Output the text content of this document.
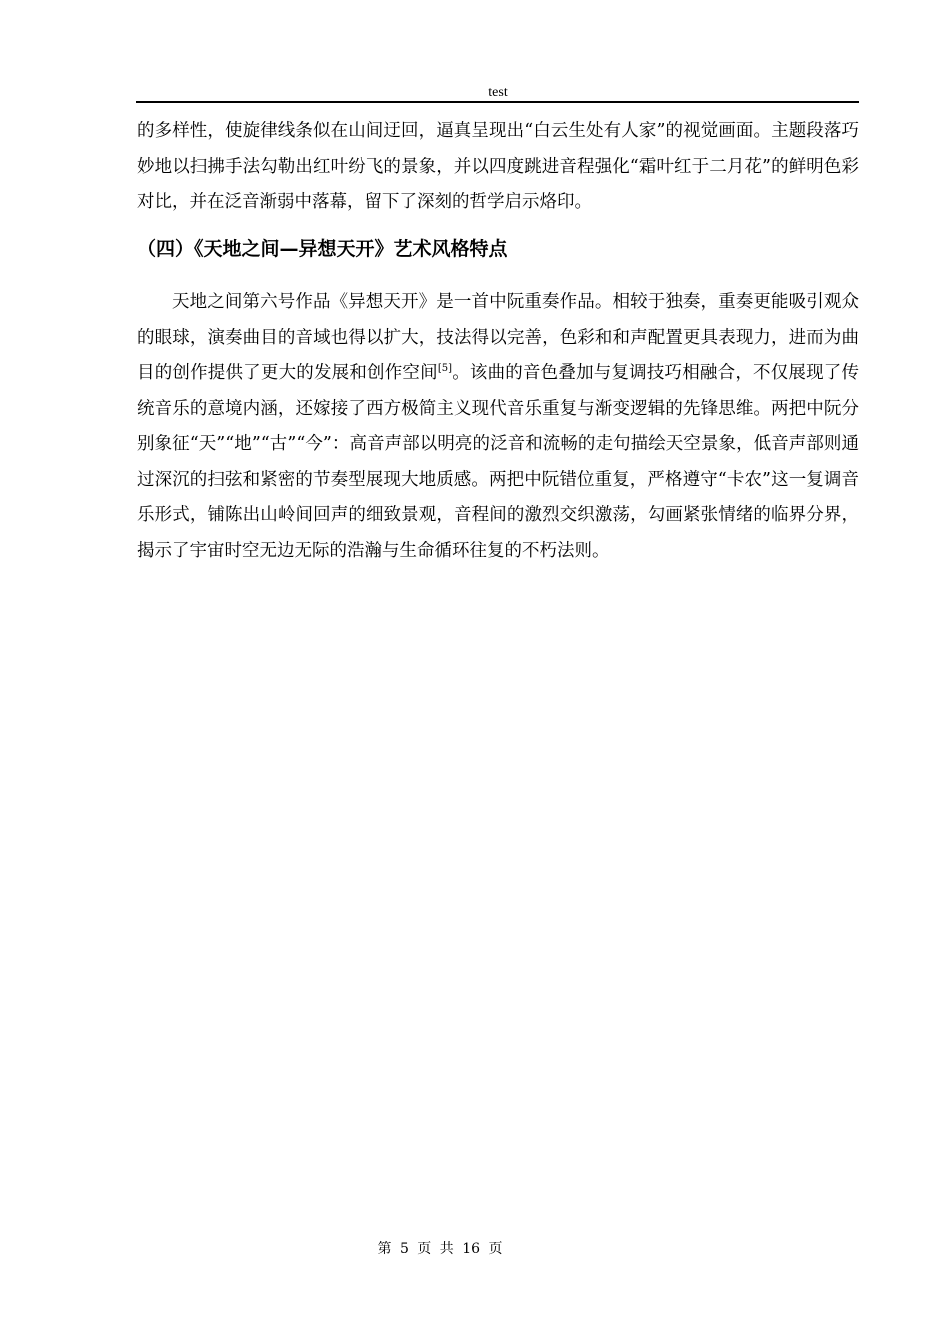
test

的多样性，使旋律线条似在山间迂回，逼真呈现出“白云生处有人家”的视觉画面。主题段落巧妙地以扫拂手法勾勒出红叶纷飞的景象，并以四度跳进音程强化“霜叶红于二月花”的鲜明色彩对比，并在泛音渐弱中落幕，留下了深刻的哲学启示烙印。

（四）《天地之间—异想天开》艺术风格特点

天地之间第六号作品《异想天开》是一首中阮重奏作品。相较于独奏，重奏更能吸引观众的眼球，演奏曲目的音域也得以扩大，技法得以完善，色彩和和声配置更具表现力，进而为曲目的创作提供了更大的发展和创作空间[5]。该曲的音色叠加与复调技巧相融合，不仅展现了传统音乐的意境内涵，还嫁接了西方极简主义现代音乐重复与渐变逻辑的先锋思维。两把中阮分别象征“天”“地”“古”“今”：高音声部以明亮的泛音和流畅的走句描绘天空景象，低音声部则通过深沉的扫弦和紧密的节奏型展现大地质感。两把中阮错位重复，严格遵守“卡农”这一复调音乐形式，铺陈出山岭间回声的细致景观，音程间的激烈交织激荡，勾画紧张情绪的临界分界，揭示了宇宙时空无边无际的浩瀚与生命循环往复的不朽法则。

第 5 页 共 16 页
